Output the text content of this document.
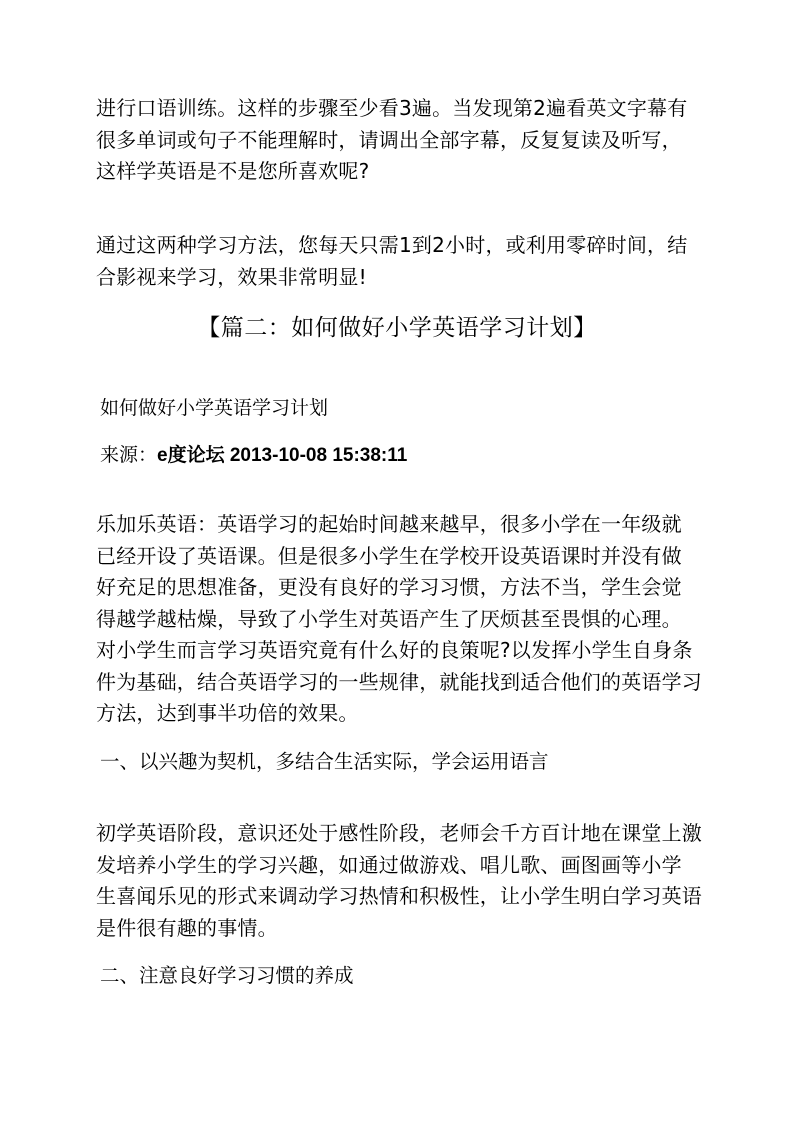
进行口语训练。这样的步骤至少看3遍。当发现第2遍看英文字幕有
很多单词或句子不能理解时，请调出全部字幕，反复复读及听写，
这样学英语是不是您所喜欢呢?
通过这两种学习方法，您每天只需1到2小时，或利用零碎时间，结
合影视来学习，效果非常明显!
【篇二：如何做好小学英语学习计划】
如何做好小学英语学习计划
来源：e度论坛 2013-10-08 15:38:11
乐加乐英语：英语学习的起始时间越来越早，很多小学在一年级就
已经开设了英语课。但是很多小学生在学校开设英语课时并没有做
好充足的思想准备，更没有良好的学习习惯，方法不当，学生会觉
得越学越枯燥，导致了小学生对英语产生了厌烦甚至畏惧的心理。
对小学生而言学习英语究竟有什么好的良策呢?以发挥小学生自身条
件为基础，结合英语学习的一些规律，就能找到适合他们的英语学习
方法，达到事半功倍的效果。
一、以兴趣为契机，多结合生活实际，学会运用语言
初学英语阶段，意识还处于感性阶段，老师会千方百计地在课堂上激
发培养小学生的学习兴趣，如通过做游戏、唱儿歌、画图画等小学
生喜闻乐见的形式来调动学习热情和积极性，让小学生明白学习英语
是件很有趣的事情。
二、注意良好学习习惯的养成
